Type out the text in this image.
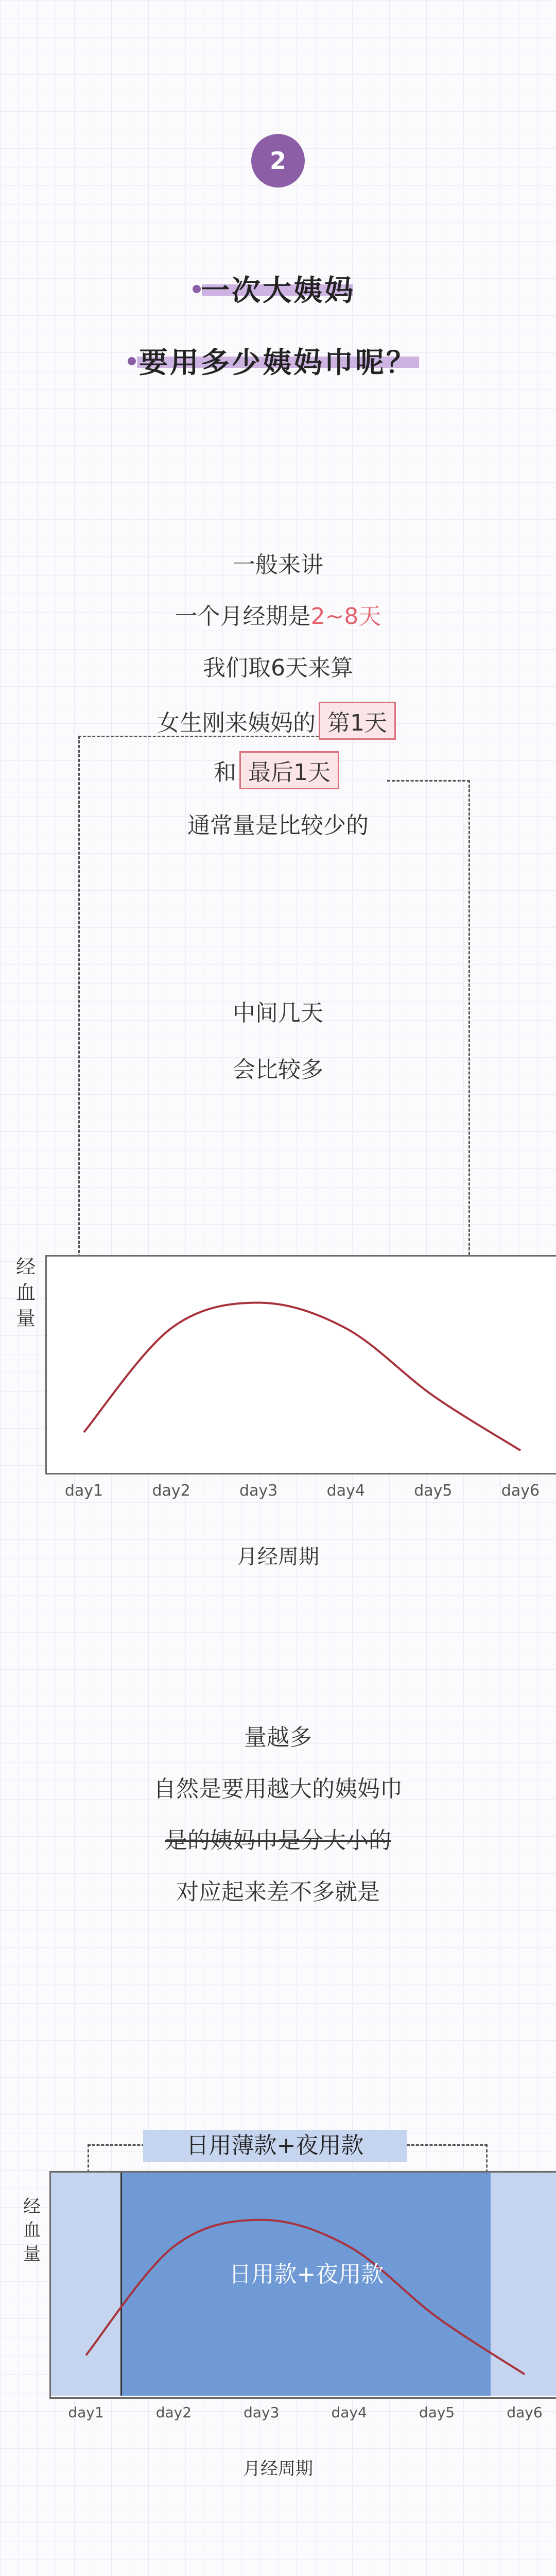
2
一次大姨妈
要用多少姨妈巾呢？
一般来讲
一个月经期是2~8天
我们取6天来算
女生刚来姨妈的 第1天
和 最后1天
通常量是比较少的
中间几天
会比较多
经血量
day1	day2	day3	day4	day5	day6
月经周期
量越多
自然是要用越大的姨妈巾
是的姨妈巾是分大小的
对应起来差不多就是
日用薄款+夜用款
经血量
日用款+夜用款
day1	day2	day3	day4	day5	day6
月经周期
